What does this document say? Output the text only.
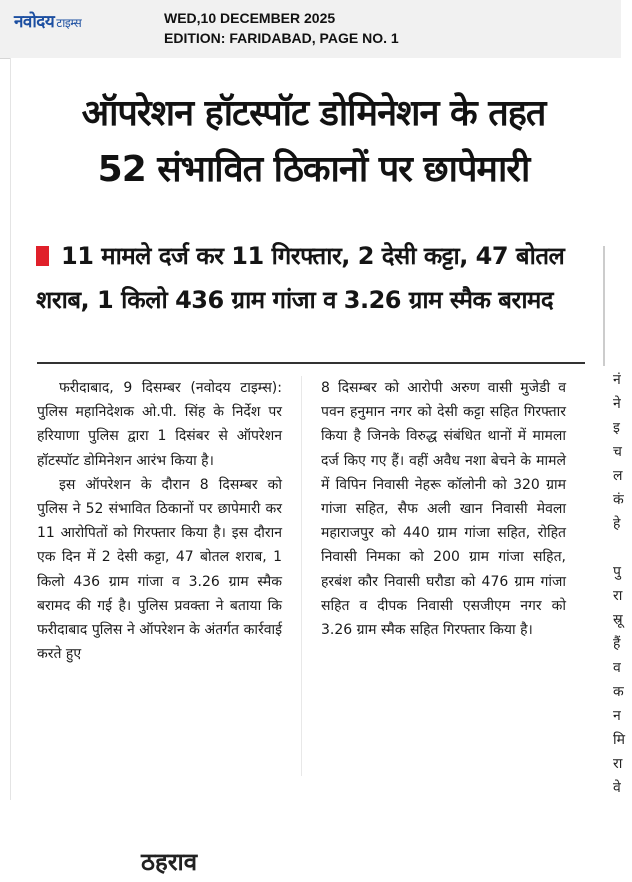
नवोदय टाइम्स	WED,10 DECEMBER 2025
EDITION: FARIDABAD, PAGE NO. 1
ऑपरेशन हॉटस्पॉट डोमिनेशन के तहत
52 संभावित ठिकानों पर छापेमारी
11 मामले दर्ज कर 11 गिरफ्तार, 2 देसी कट्टा, 47 बोतल शराब, 1 किलो 436 ग्राम गांजा व 3.26 ग्राम स्मैक बरामद

फरीदाबाद, 9 दिसम्बर (नवोदय टाइम्स): पुलिस महानिदेशक ओ.पी. सिंह के निर्देश पर हरियाणा पुलिस द्वारा 1 दिसंबर से ऑपरेशन हॉटस्पॉट डोमिनेशन आरंभ किया है।

इस ऑपरेशन के दौरान 8 दिसम्बर को पुलिस ने 52 संभावित ठिकानों पर छापेमारी कर 11 आरोपितों को गिरफ्तार किया है। इस दौरान एक दिन में 2 देसी कट्टा, 47 बोतल शराब, 1 किलो 436 ग्राम गांजा व 3.26 ग्राम स्मैक बरामद की गई है। पुलिस प्रवक्ता ने बताया कि फरीदाबाद पुलिस ने ऑपरेशन के अंतर्गत कार्रवाई करते हुए

8 दिसम्बर को आरोपी अरुण वासी मुजेडी व पवन हनुमान नगर को देसी कट्टा सहित गिरफ्तार किया है जिनके विरुद्ध संबंधित थानों में मामला दर्ज किए गए हैं। वहीं अवैध नशा बेचने के मामले में विपिन निवासी नेहरू कॉलोनी को 320 ग्राम गांजा सहित, सैफ अली खान निवासी मेवला महाराजपुर को 440 ग्राम गांजा सहित, रोहित निवासी निमका को 200 ग्राम गांजा सहित, हरबंश कौर निवासी घरौडा को 476 ग्राम गांजा सहित व दीपक निवासी एसजीएम नगर को 3.26 ग्राम स्मैक सहित गिरफ्तार किया है।

नं
ने
इ
च
ल
कं
हे

पु
रा
स्रू
हैं
व
क
न
मि
रा
वे
ठहराव
